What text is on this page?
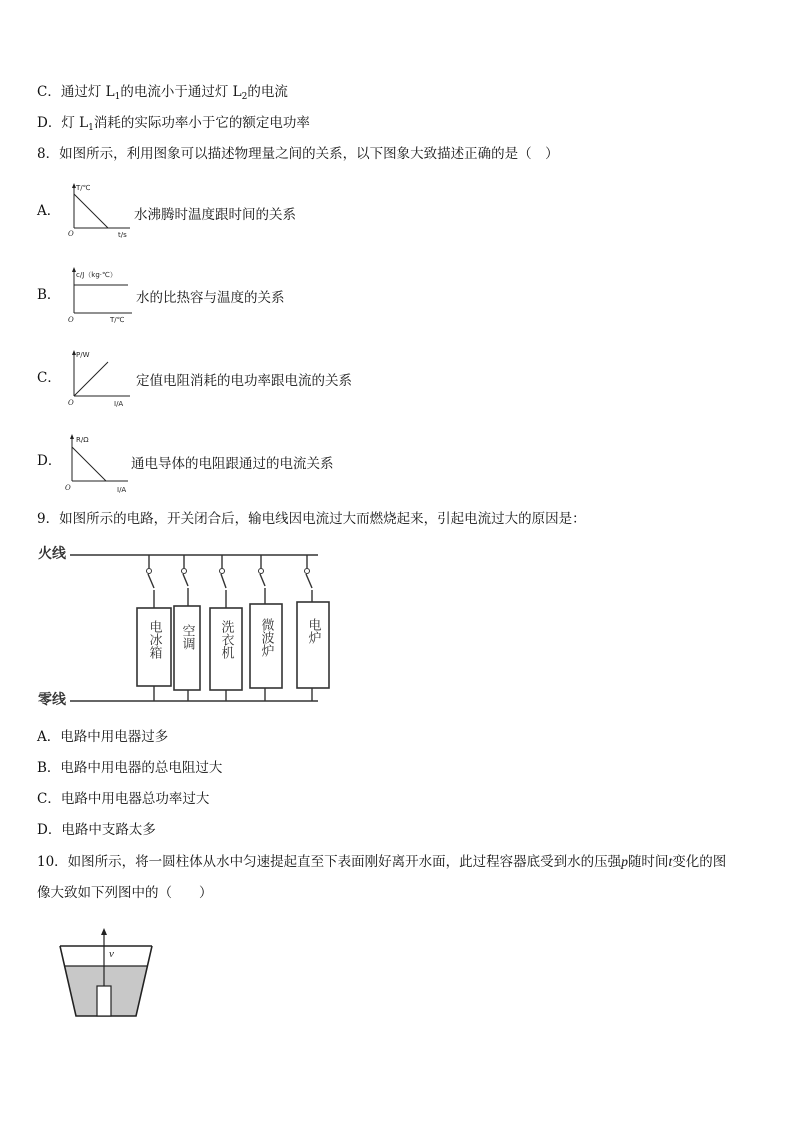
C．通过灯 $L_1$的电流小于通过灯 $L_2$的电流
D．灯 $L_1$消耗的实际功率小于它的额定电功率
8．如图所示，利用图象可以描述物理量之间的关系，以下图象大致描述正确的是（　）
A．
T/℃
O	t/s
水沸腾时温度跟时间的关系
B．
c/J（kg·℃）
O	T/℃
水的比热容与温度的关系
C．
P/W
O	I/A
定值电阻消耗的电功率跟电流的关系
D．
R/Ω
O	I/A
通电导体的电阻跟通过的电流关系
9．如图所示的电路，开关闭合后，输电线因电流过大而燃烧起来，引起电流过大的原因是：
火线
零线
电冰箱 空调 洗衣机 微波炉 电炉
A．电路中用电器过多
B．电路中用电器的总电阻过大
C．电路中用电器总功率过大
D．电路中支路太多
10．如图所示，将一圆柱体从水中匀速提起直至下表面刚好离开水面，此过程容器底受到水的压强p随时间t变化的图
像大致如下列图中的（　　）
v
